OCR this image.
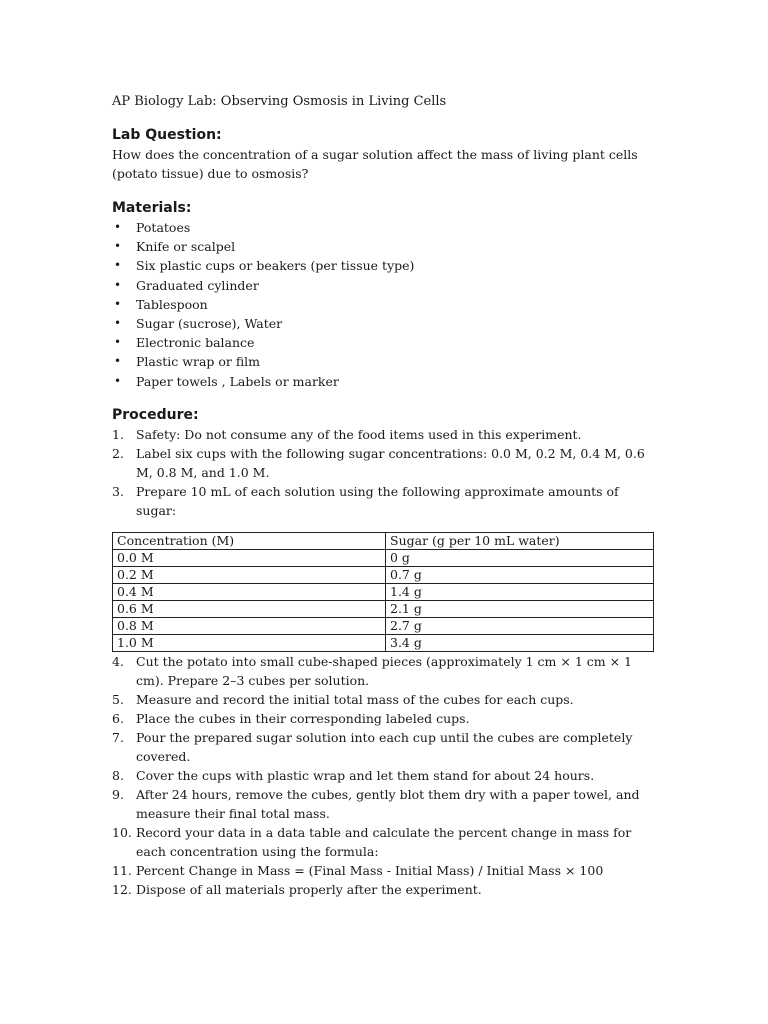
AP Biology Lab: Observing Osmosis in Living Cells

Lab Question:

How does the concentration of a sugar solution affect the mass of living plant cells (potato tissue) due to osmosis?

Materials:
• Potatoes
• Knife or scalpel
• Six plastic cups or beakers (per tissue type)
• Graduated cylinder
• Tablespoon
• Sugar (sucrose), Water
• Electronic balance
• Plastic wrap or film
• Paper towels , Labels or marker
Procedure:
1. Safety: Do not consume any of the food items used in this experiment.
2. Label six cups with the following sugar concentrations: 0.0 M, 0.2 M, 0.4 M, 0.6 M, 0.8 M, and 1.0 M.
3. Prepare 10 mL of each solution using the following approximate amounts of sugar:
Concentration (M)	Sugar (g per 10 mL water)
0.0 M	0 g
0.2 M	0.7 g
0.4 M	1.4 g
0.6 M	2.1 g
0.8 M	2.7 g
1.0 M	3.4 g
4. Cut the potato into small cube-shaped pieces (approximately 1 cm × 1 cm × 1 cm). Prepare 2–3 cubes per solution.
5. Measure and record the initial total mass of the cubes for each cups.
6. Place the cubes in their corresponding labeled cups.
7. Pour the prepared sugar solution into each cup until the cubes are completely covered.
8. Cover the cups with plastic wrap and let them stand for about 24 hours.
9. After 24 hours, remove the cubes, gently blot them dry with a paper towel, and measure their final total mass.
10. Record your data in a data table and calculate the percent change in mass for each concentration using the formula:
11. Percent Change in Mass = (Final Mass - Initial Mass) / Initial Mass × 100
12. Dispose of all materials properly after the experiment.
